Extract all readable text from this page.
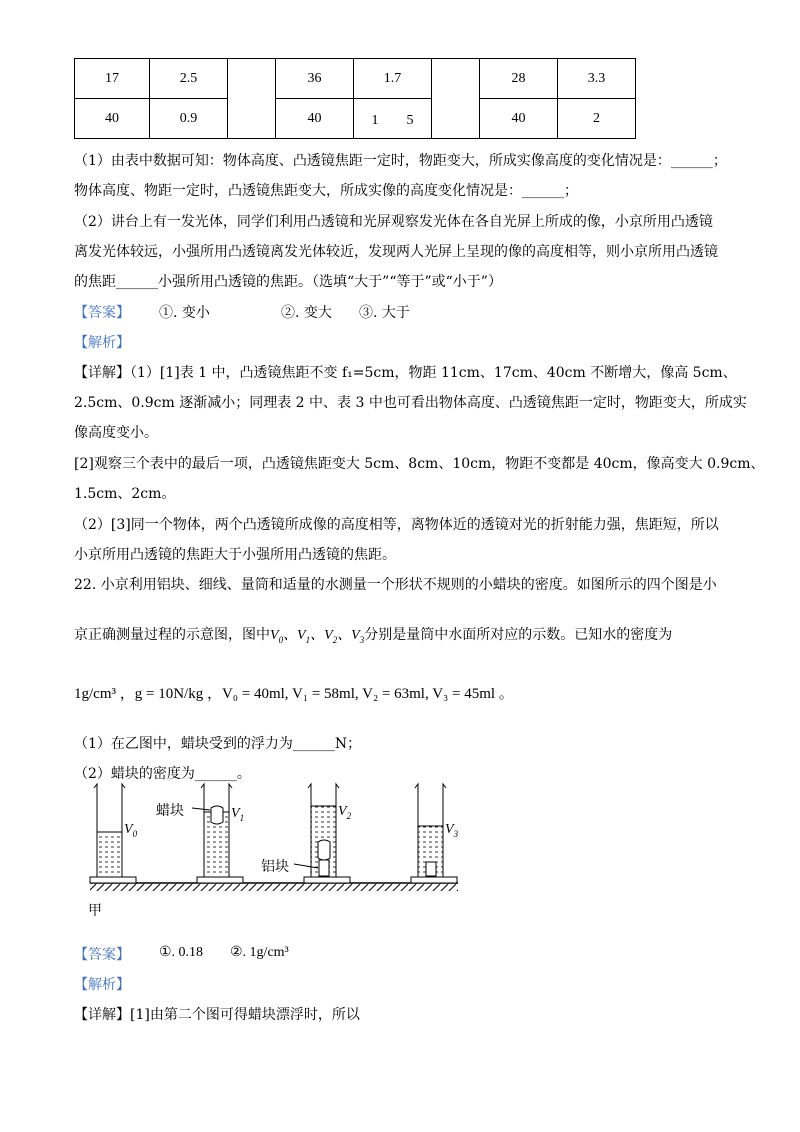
17	2.5		36	1.7		28	3.3
40	0.9		40	1　　5		40	2
（1）由表中数据可知：物体高度、凸透镜焦距一定时，物距变大，所成实像高度的变化情况是：______；
物体高度、物距一定时，凸透镜焦距变大，所成实像的高度变化情况是：______；
（2）讲台上有一发光体，同学们利用凸透镜和光屏观察发光体在各自光屏上所成的像，小京所用凸透镜
离发光体较远，小强所用凸透镜离发光体较近，发现两人光屏上呈现的像的高度相等，则小京所用凸透镜
的焦距______小强所用凸透镜的焦距。（选填“大于”“等于”或“小于”）
【答案】 ①. 变小	②. 变大 ③. 大于
【解析】
【详解】（1）[1]表 1 中，凸透镜焦距不变 f₁=5cm，物距 11cm、17cm、40cm 不断增大，像高 5cm、
2.5cm、0.9cm 逐渐减小；同理表 2 中、表 3 中也可看出物体高度、凸透镜焦距一定时，物距变大，所成实
像高度变小。
[2]观察三个表中的最后一项，凸透镜焦距变大 5cm、8cm、10cm，物距不变都是 40cm，像高变大 0.9cm、
1.5cm、2cm。
（2）[3]同一个物体，两个凸透镜所成像的高度相等，离物体近的透镜对光的折射能力强，焦距短，所以
小京所用凸透镜的焦距大于小强所用凸透镜的焦距。
22. 小京利用铝块、细线、量筒和适量的水测量一个形状不规则的小蜡块的密度。如图所示的四个图是小
京正确测量过程的示意图，图中$V_0$、$V_1$、$V_2$、$V_3$分别是量筒中水面所对应的示数。已知水的密度为
1g/cm³ ，g = 10N/kg ，V₀ = 40ml, V₁ = 58ml, V₂ = 63ml, V₃ = 45ml 。
（1）在乙图中，蜡块受到的浮力为______N；
（2）蜡块的密度为______。
蜡块
铝块
甲
$V_0$
$V_1$	$V_2$
$V_3$
【答案】 ①. 0.18 ②. 1g/cm³
【解析】
【详解】[1]由第二个图可得蜡块漂浮时，所以
